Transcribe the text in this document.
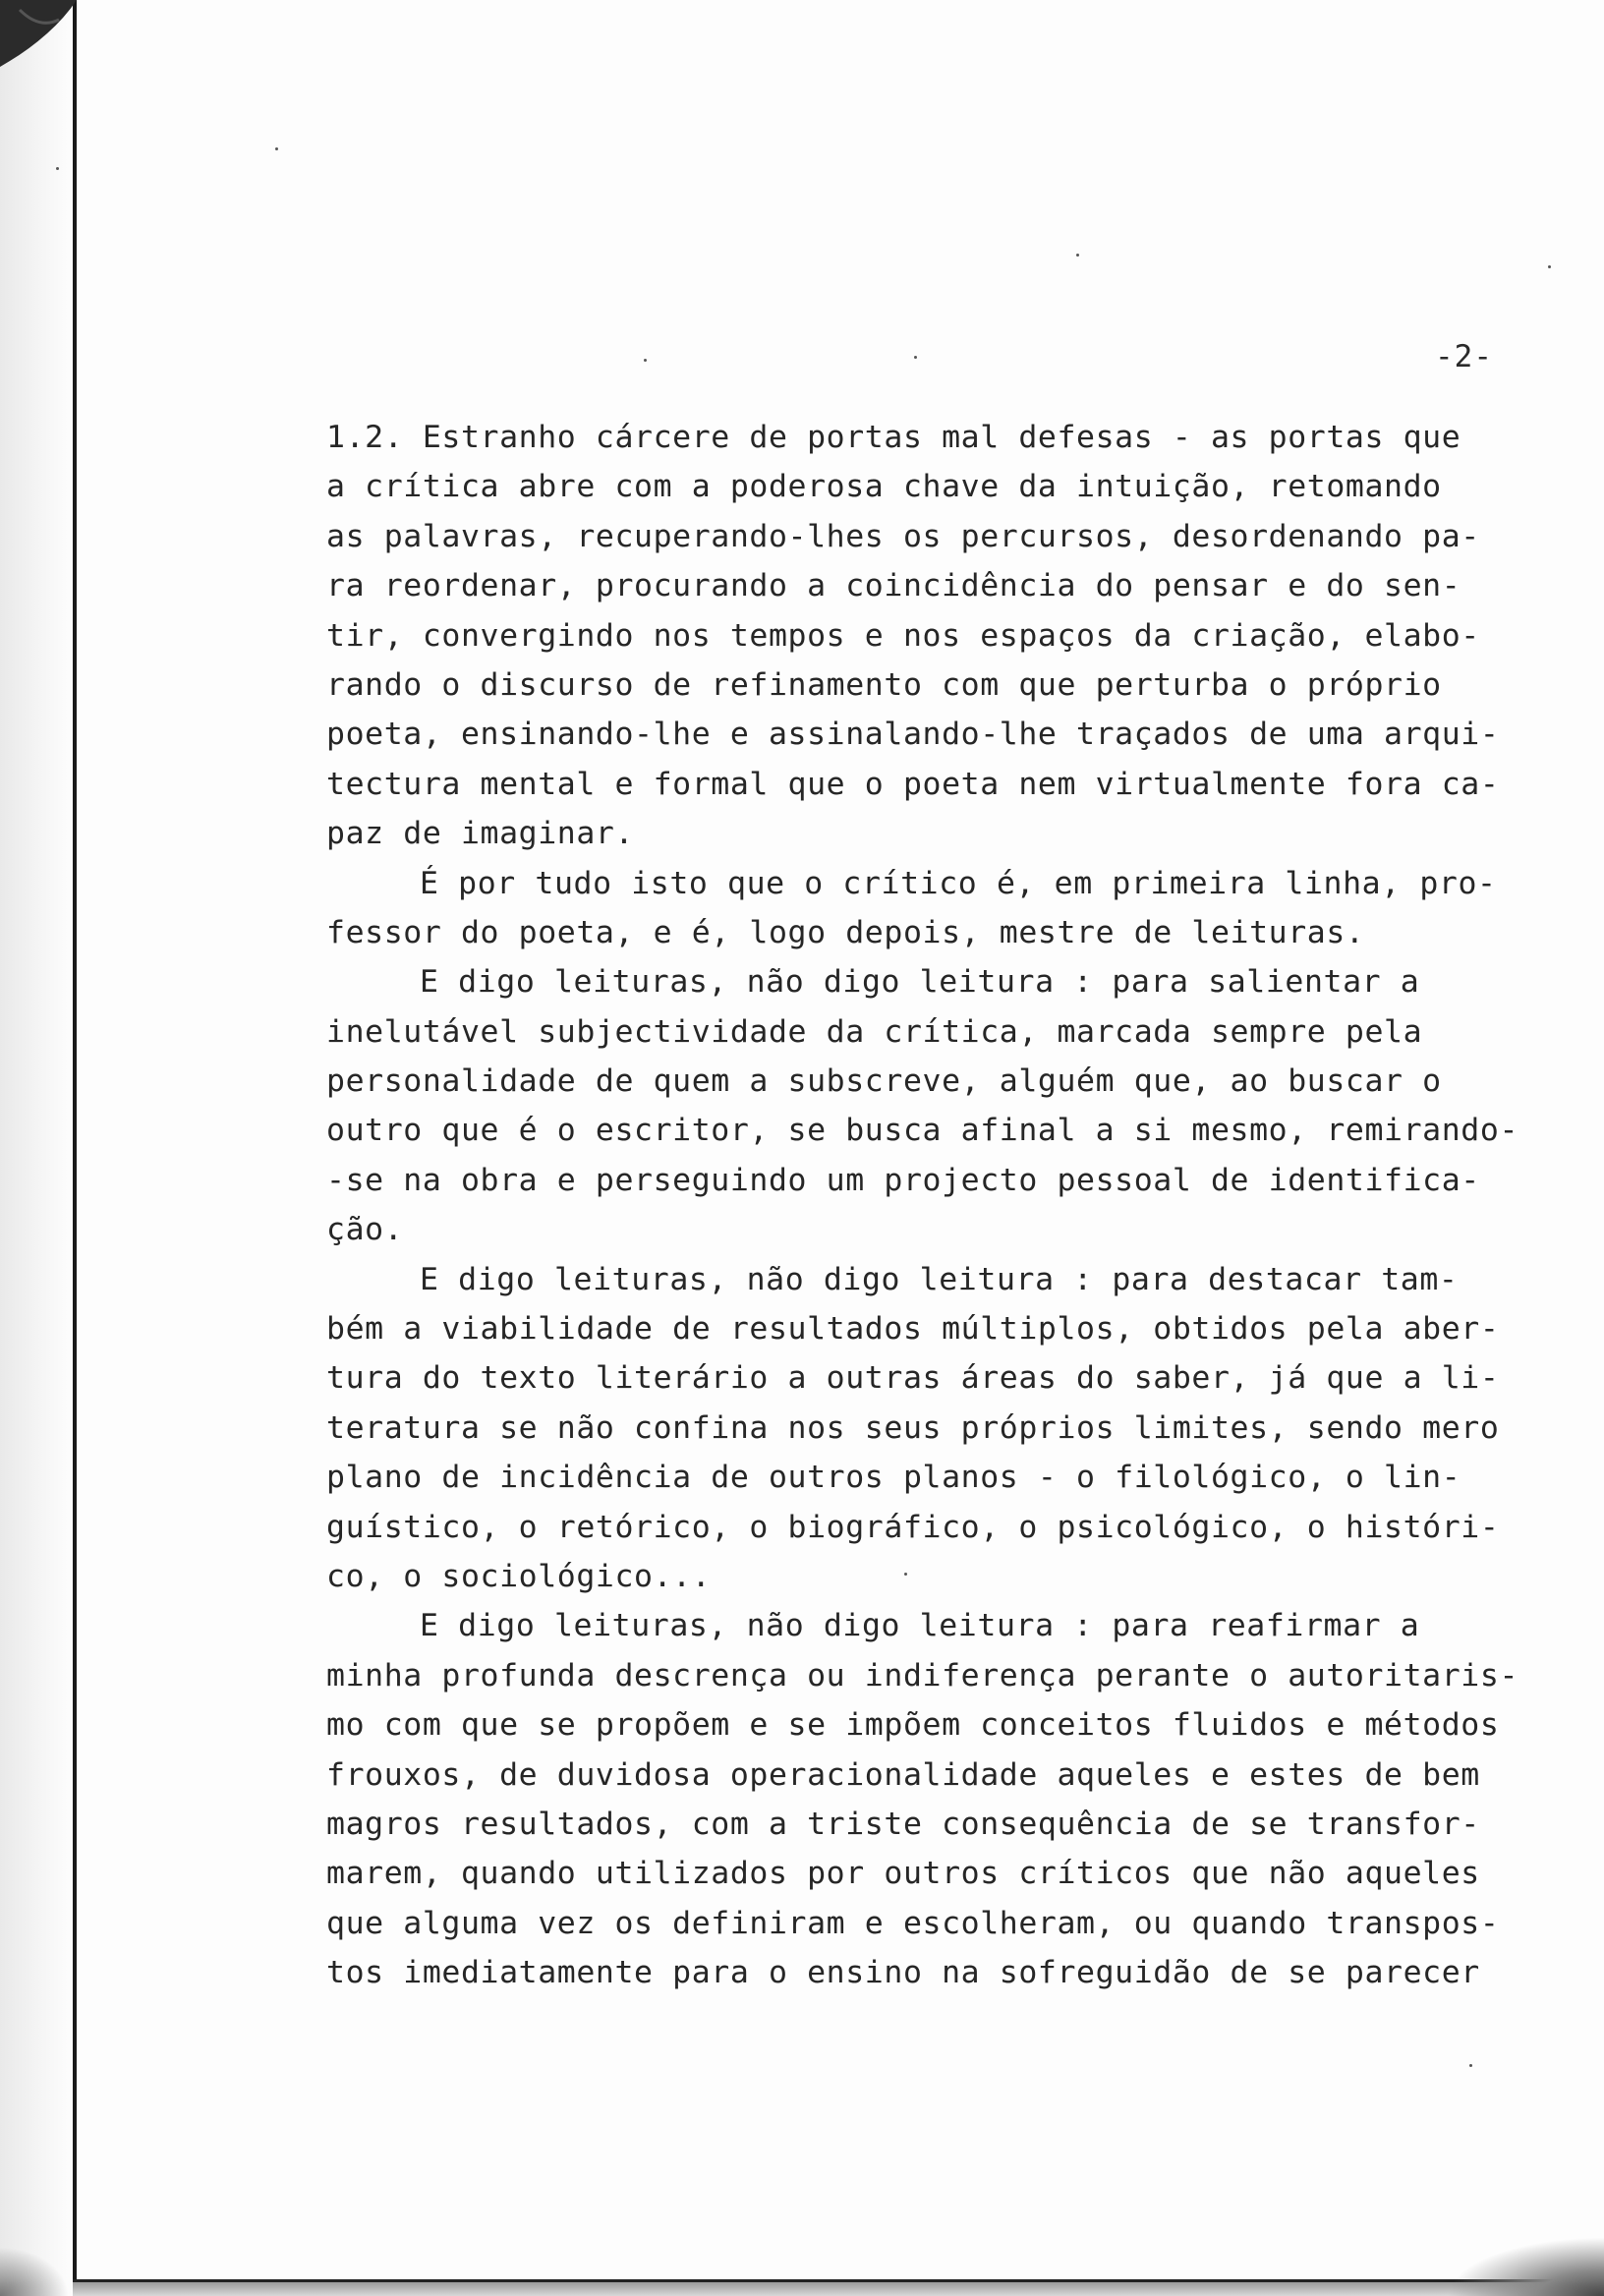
-2-
1.2. Estranho cárcere de portas mal defesas - as portas que
a crítica abre com a poderosa chave da intuição, retomando
as palavras, recuperando-lhes os percursos, desordenando pa-
ra reordenar, procurando a coincidência do pensar e do sen-
tir, convergindo nos tempos e nos espaços da criação, elabo-
rando o discurso de refinamento com que perturba o próprio
poeta, ensinando-lhe e assinalando-lhe traçados de uma arqui-
tectura mental e formal que o poeta nem virtualmente fora ca-
paz de imaginar.
É por tudo isto que o crítico é, em primeira linha, pro-
fessor do poeta, e é, logo depois, mestre de leituras.
E digo leituras, não digo leitura : para salientar a
inelutável subjectividade da crítica, marcada sempre pela
personalidade de quem a subscreve, alguém que, ao buscar o
outro que é o escritor, se busca afinal a si mesmo, remirando-
-se na obra e perseguindo um projecto pessoal de identifica-
ção.
E digo leituras, não digo leitura : para destacar tam-
bém a viabilidade de resultados múltiplos, obtidos pela aber-
tura do texto literário a outras áreas do saber, já que a li-
teratura se não confina nos seus próprios limites, sendo mero
plano de incidência de outros planos - o filológico, o lin-
guístico, o retórico, o biográfico, o psicológico, o históri-
co, o sociológico...
E digo leituras, não digo leitura : para reafirmar a
minha profunda descrença ou indiferença perante o autoritaris-
mo com que se propõem e se impõem conceitos fluidos e métodos
frouxos, de duvidosa operacionalidade aqueles e estes de bem
magros resultados, com a triste consequência de se transfor-
marem, quando utilizados por outros críticos que não aqueles
que alguma vez os definiram e escolheram, ou quando transpos-
tos imediatamente para o ensino na sofreguidão de se parecer
